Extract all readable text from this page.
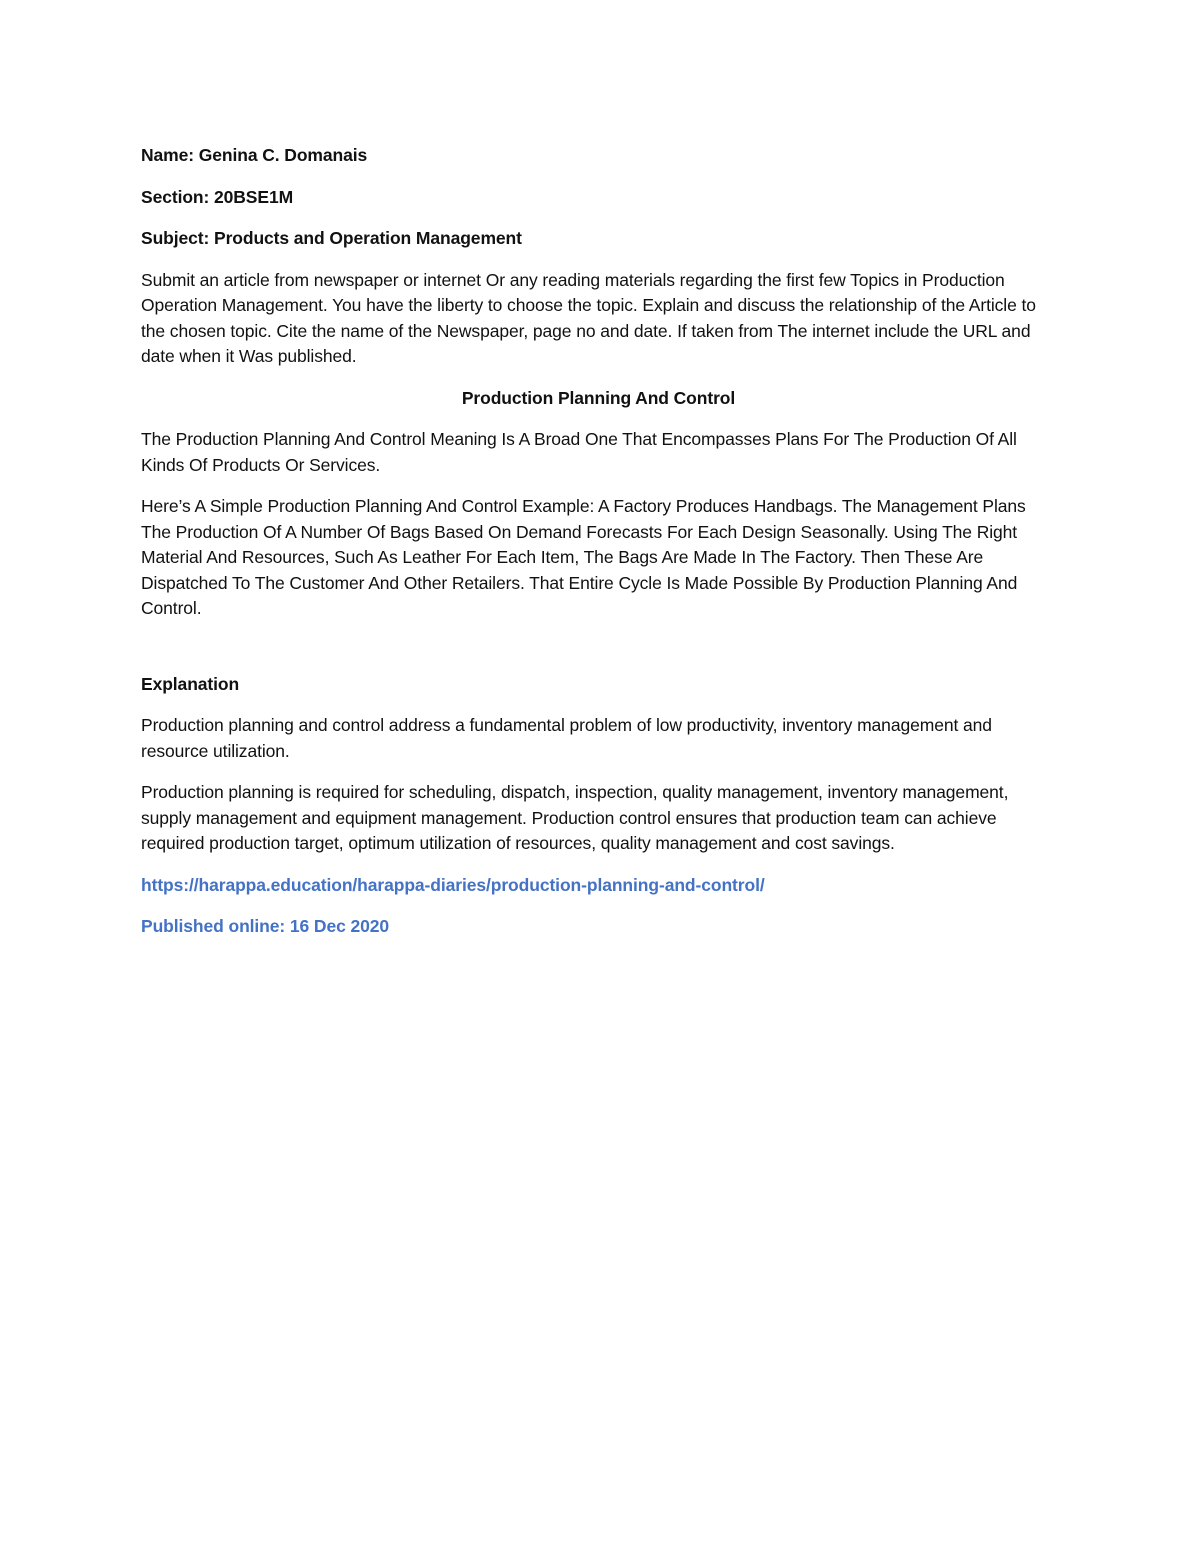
Name: Genina C. Domanais

Section: 20BSE1M

Subject: Products and Operation Management

Submit an article from newspaper or internet Or any reading materials regarding the first few Topics in Production Operation Management. You have the liberty to choose the topic. Explain and discuss the relationship of the Article to the chosen topic. Cite the name of the Newspaper, page no and date. If taken from The internet include the URL and date when it Was published.

Production Planning And Control

The Production Planning And Control Meaning Is A Broad One That Encompasses Plans For The Production Of All Kinds Of Products Or Services.

Here’s A Simple Production Planning And Control Example: A Factory Produces Handbags. The Management Plans The Production Of A Number Of Bags Based On Demand Forecasts For Each Design Seasonally. Using The Right Material And Resources, Such As Leather For Each Item, The Bags Are Made In The Factory. Then These Are Dispatched To The Customer And Other Retailers. That Entire Cycle Is Made Possible By Production Planning And Control.

Explanation

Production planning and control address a fundamental problem of low productivity, inventory management and resource utilization.

Production planning is required for scheduling, dispatch, inspection, quality management, inventory management, supply management and equipment management. Production control ensures that production team can achieve required production target, optimum utilization of resources, quality management and cost savings.

https://harappa.education/harappa-diaries/production-planning-and-control/

Published online: 16 Dec 2020
